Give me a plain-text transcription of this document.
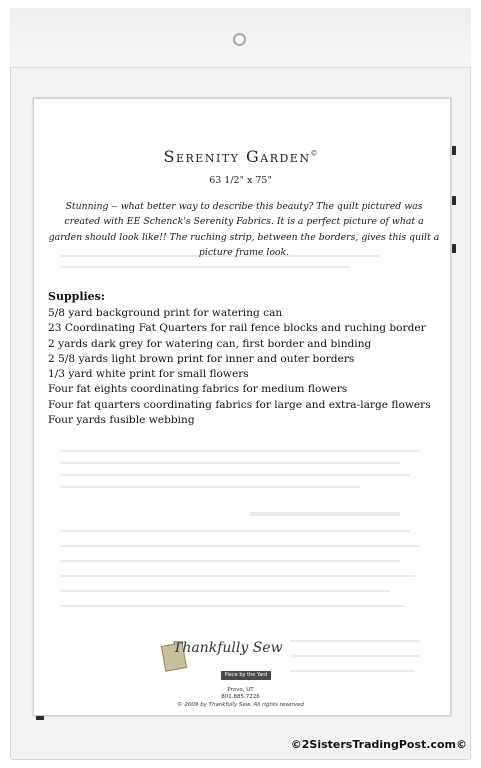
Serenity Garden©
63 1/2" x 75"
Stunning -- what better way to describe this beauty? The quilt pictured was created with EE Schenck's Serenity Fabrics. It is a perfect picture of what a garden should look like!! The ruching strip, between the borders, gives this quilt a picture frame look.
Supplies:
5/8 yard background print for watering can
23 Coordinating Fat Quarters for rail fence blocks and ruching border
2 yards dark grey for watering can, first border and binding
2 5/8 yards light brown print for inner and outer borders
1/3 yard white print for small flowers
Four fat eights coordinating fabrics for medium flowers
Four fat quarters coordinating fabrics for large and extra-large flowers
Four yards fusible webbing
Thankfully Sew
Piece by the Yard
Provo, UT
801.885.7226
© 2009 by Thankfully Sew. All rights reserved
©2SistersTradingPost.com©
